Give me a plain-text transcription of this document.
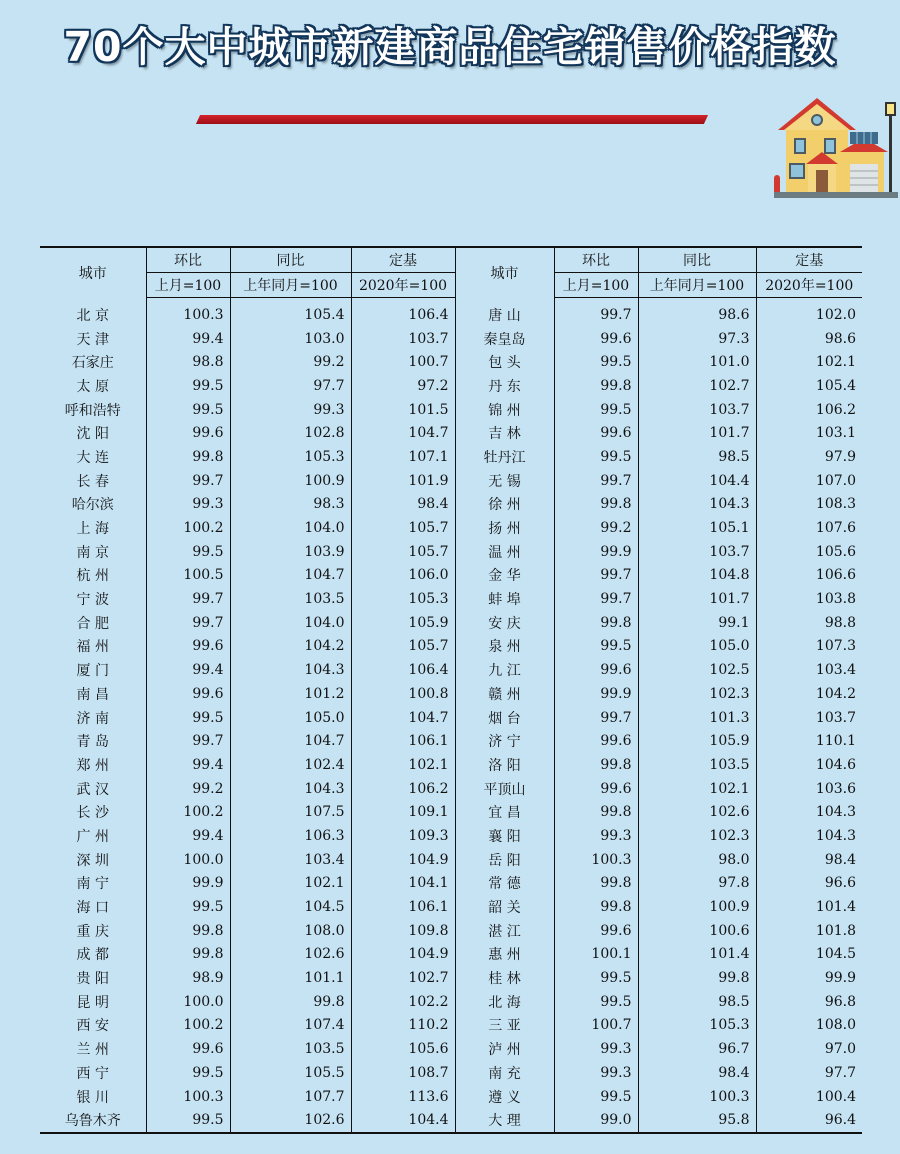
70个大中城市新建商品住宅销售价格指数
城市	环比	同比	定基	城市	环比	同比	定基
	上月=100	上年同月=100	2020年=100		上月=100	上年同月=100	2020年=100
北 京	100.3	105.4	106.4	唐 山	99.7	98.6	102.0
天 津	99.4	103.0	103.7	秦皇岛	99.6	97.3	98.6
石家庄	98.8	99.2	100.7	包 头	99.5	101.0	102.1
太 原	99.5	97.7	97.2	丹 东	99.8	102.7	105.4
呼和浩特	99.5	99.3	101.5	锦 州	99.5	103.7	106.2
沈 阳	99.6	102.8	104.7	吉 林	99.6	101.7	103.1
大 连	99.8	105.3	107.1	牡丹江	99.5	98.5	97.9
长 春	99.7	100.9	101.9	无 锡	99.7	104.4	107.0
哈尔滨	99.3	98.3	98.4	徐 州	99.8	104.3	108.3
上 海	100.2	104.0	105.7	扬 州	99.2	105.1	107.6
南 京	99.5	103.9	105.7	温 州	99.9	103.7	105.6
杭 州	100.5	104.7	106.0	金 华	99.7	104.8	106.6
宁 波	99.7	103.5	105.3	蚌 埠	99.7	101.7	103.8
合 肥	99.7	104.0	105.9	安 庆	99.8	99.1	98.8
福 州	99.6	104.2	105.7	泉 州	99.5	105.0	107.3
厦 门	99.4	104.3	106.4	九 江	99.6	102.5	103.4
南 昌	99.6	101.2	100.8	赣 州	99.9	102.3	104.2
济 南	99.5	105.0	104.7	烟 台	99.7	101.3	103.7
青 岛	99.7	104.7	106.1	济 宁	99.6	105.9	110.1
郑 州	99.4	102.4	102.1	洛 阳	99.8	103.5	104.6
武 汉	99.2	104.3	106.2	平顶山	99.6	102.1	103.6
长 沙	100.2	107.5	109.1	宜 昌	99.8	102.6	104.3
广 州	99.4	106.3	109.3	襄 阳	99.3	102.3	104.3
深 圳	100.0	103.4	104.9	岳 阳	100.3	98.0	98.4
南 宁	99.9	102.1	104.1	常 德	99.8	97.8	96.6
海 口	99.5	104.5	106.1	韶 关	99.8	100.9	101.4
重 庆	99.8	108.0	109.8	湛 江	99.6	100.6	101.8
成 都	99.8	102.6	104.9	惠 州	100.1	101.4	104.5
贵 阳	98.9	101.1	102.7	桂 林	99.5	99.8	99.9
昆 明	100.0	99.8	102.2	北 海	99.5	98.5	96.8
西 安	100.2	107.4	110.2	三 亚	100.7	105.3	108.0
兰 州	99.6	103.5	105.6	泸 州	99.3	96.7	97.0
西 宁	99.5	105.5	108.7	南 充	99.3	98.4	97.7
银 川	100.3	107.7	113.6	遵 义	99.5	100.3	100.4
乌鲁木齐	99.5	102.6	104.4	大 理	99.0	95.8	96.4
